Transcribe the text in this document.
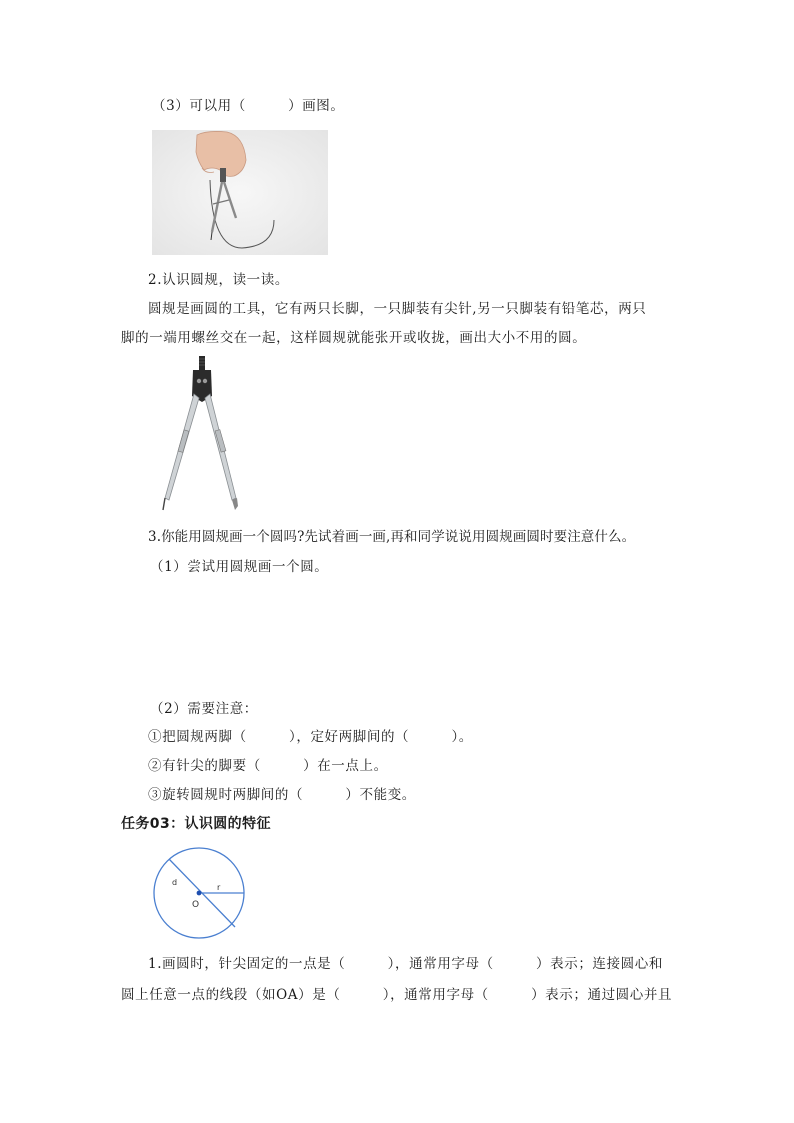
（3）可以用（　　　）画图。
2.认识圆规，读一读。
圆规是画圆的工具，它有两只长脚，一只脚装有尖针,另一只脚装有铅笔芯，两只
脚的一端用螺丝交在一起，这样圆规就能张开或收拢，画出大小不用的圆。
3.你能用圆规画一个圆吗?先试着画一画,再和同学说说用圆规画圆时要注意什么。
（1）尝试用圆规画一个圆。
（2）需要注意：
①把圆规两脚（　　　），定好两脚间的（　　　）。
②有针尖的脚要（　　　）在一点上。
③旋转圆规时两脚间的（　　　）不能变。
任务03：认识圆的特征
d
r
O
1.画圆时，针尖固定的一点是（　　　），通常用字母（　　　）表示；连接圆心和
圆上任意一点的线段（如OA）是（　　　），通常用字母（　　　）表示；通过圆心并且
